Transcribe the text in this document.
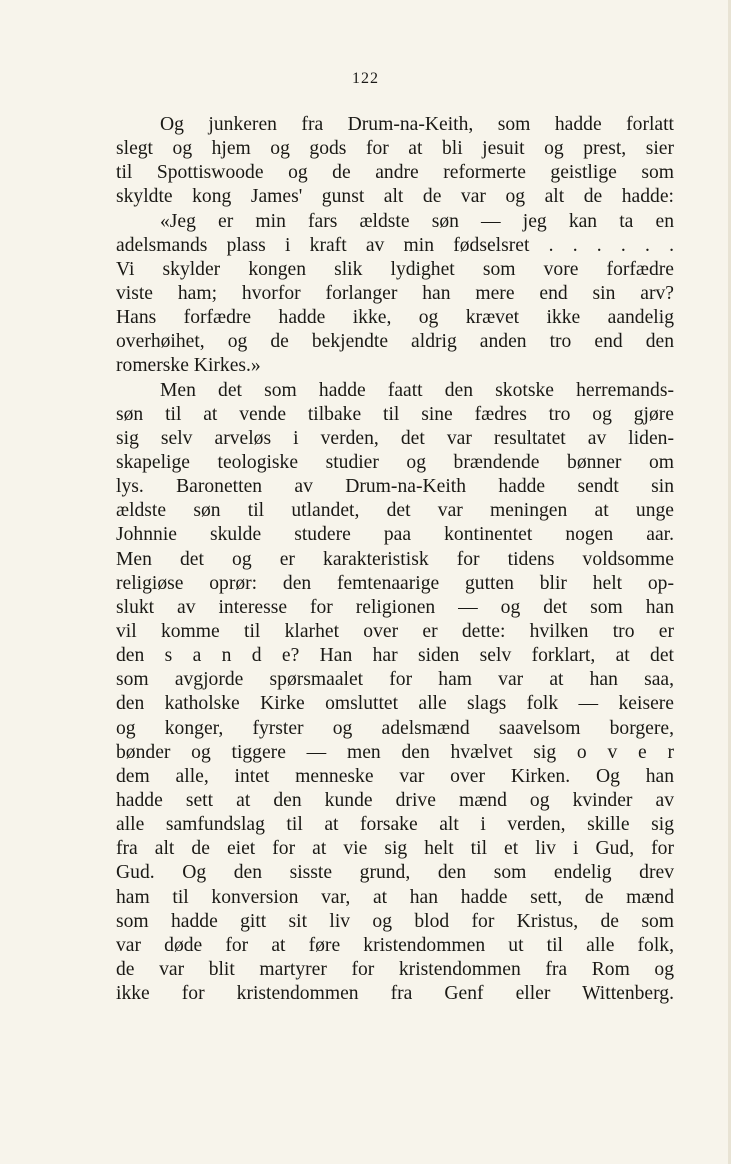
122
Og junkeren fra Drum-na-Keith, som hadde forlatt
slegt og hjem og gods for at bli jesuit og prest, sier
til Spottiswoode og de andre reformerte geistlige som
skyldte kong James' gunst alt de var og alt de hadde:
«Jeg er min fars ældste søn — jeg kan ta en
adelsmands plass i kraft av min fødselsret . . . . . .
Vi skylder kongen slik lydighet som vore forfædre
viste ham; hvorfor forlanger han mere end sin arv?
Hans forfædre hadde ikke, og krævet ikke aandelig
overhøihet, og de bekjendte aldrig anden tro end den
romerske Kirkes.»
Men det som hadde faatt den skotske herremands-
søn til at vende tilbake til sine fædres tro og gjøre
sig selv arveløs i verden, det var resultatet av liden-
skapelige teologiske studier og brændende bønner om
lys. Baronetten av Drum-na-Keith hadde sendt sin
ældste søn til utlandet, det var meningen at unge
Johnnie skulde studere paa kontinentet nogen aar.
Men det og er karakteristisk for tidens voldsomme
religiøse oprør: den femtenaarige gutten blir helt op-
slukt av interesse for religionen — og det som han
vil komme til klarhet over er dette: hvilken tro er
den s a n d e? Han har siden selv forklart, at det
som avgjorde spørsmaalet for ham var at han saa,
den katholske Kirke omsluttet alle slags folk — keisere
og konger, fyrster og adelsmænd saavelsom borgere,
bønder og tiggere — men den hvælvet sig o v e r
dem alle, intet menneske var over Kirken. Og han
hadde sett at den kunde drive mænd og kvinder av
alle samfundslag til at forsake alt i verden, skille sig
fra alt de eiet for at vie sig helt til et liv i Gud, for
Gud. Og den sisste grund, den som endelig drev
ham til konversion var, at han hadde sett, de mænd
som hadde gitt sit liv og blod for Kristus, de som
var døde for at føre kristendommen ut til alle folk,
de var blit martyrer for kristendommen fra Rom og
ikke for kristendommen fra Genf eller Wittenberg.
